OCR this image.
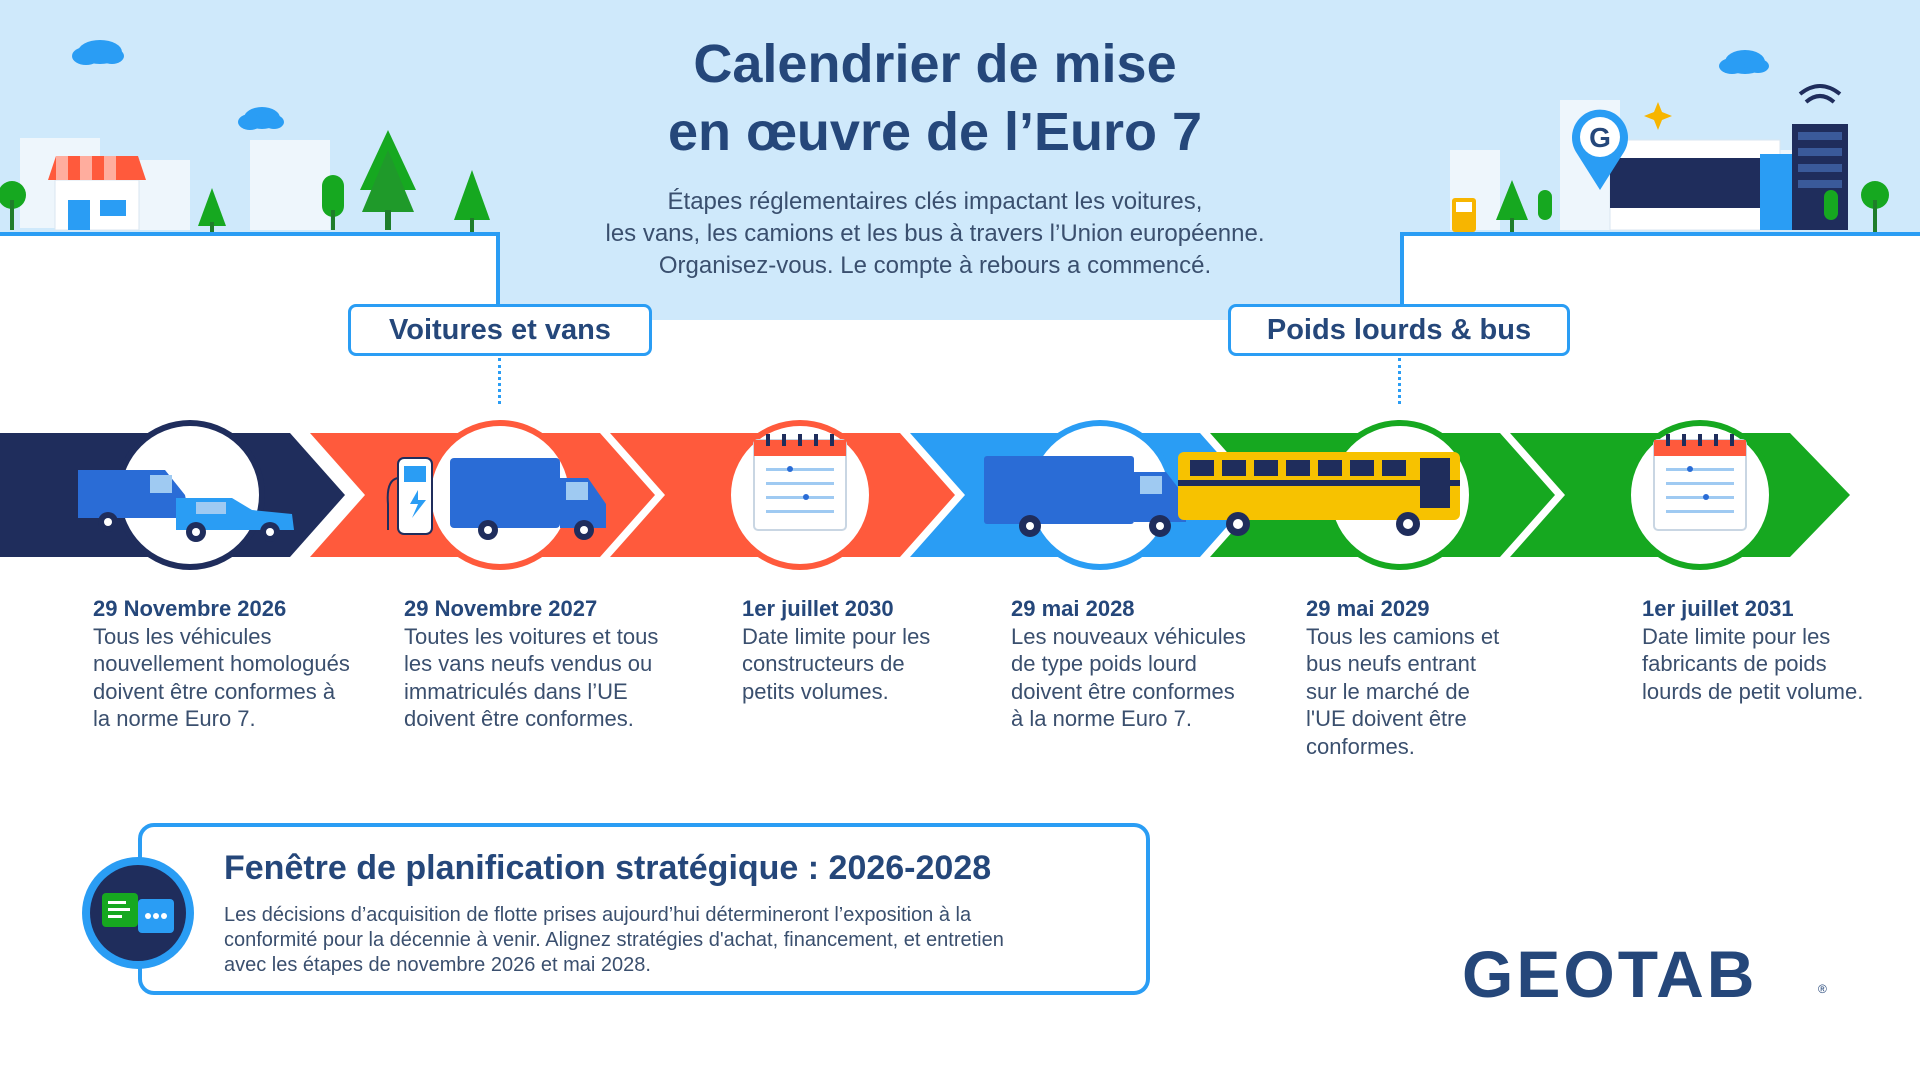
G
Calendrier de mise
en œuvre de l’Euro 7
Étapes réglementaires clés impactant les voitures,
les vans, les camions et les bus à travers l’Union européenne.
Organisez-vous. Le compte à rebours a commencé.
Voitures et vans	Poids lourds & bus
29 Novembre 2026
Tous les véhicules
nouvellement homologués
doivent être conformes à
la norme Euro 7.
29 Novembre 2027
Toutes les voitures et tous
les vans neufs vendus ou
immatriculés dans l’UE
doivent être conformes.
1er juillet 2030
Date limite pour les
constructeurs de
petits volumes.
29 mai 2028
Les nouveaux véhicules
de type poids lourd
doivent être conformes
à la norme Euro 7.
29 mai 2029
Tous les camions et
bus neufs entrant
sur le marché de
l'UE doivent être
conformes.
1er juillet 2031
Date limite pour les
fabricants de poids
lourds de petit volume.
Fenêtre de planification stratégique : 2026-2028
Les décisions d’acquisition de flotte prises aujourd’hui détermineront l’exposition à la
conformité pour la décennie à venir. Alignez stratégies d'achat, financement, et entretien
avec les étapes de novembre 2026 et mai 2028.	GEOTAB	®
